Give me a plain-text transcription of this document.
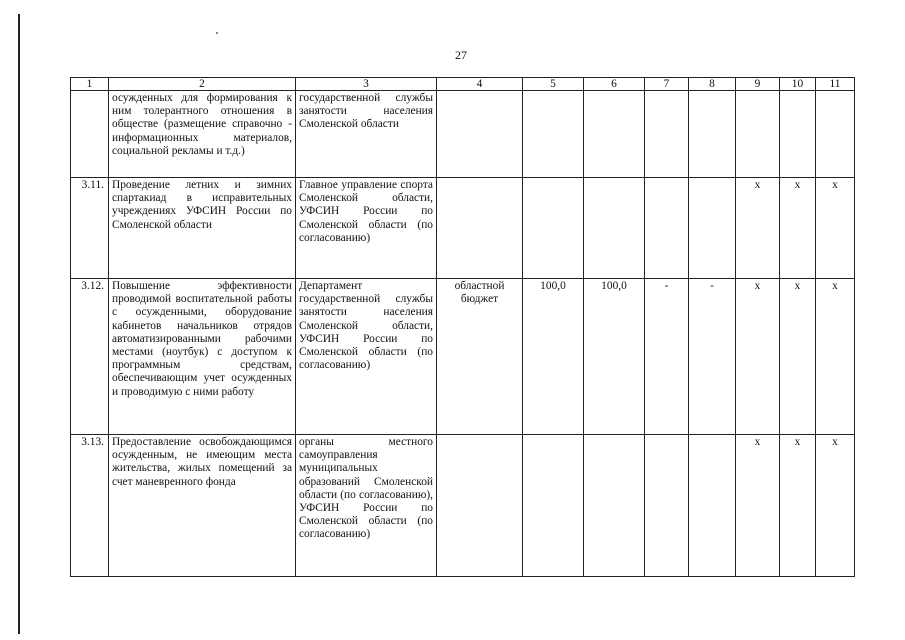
27
1	2	3	4	5	6	7	8	9	10	11
	осужденных для формирования к ним толерантного отношения в обществе (размещение справочно - информационных материалов, социальной рекламы и т.д.)	государственной службы занятости населения Смоленской области								
3.11.	Проведение летних и зимних спартакиад в исправительных учреждениях УФСИН России по Смоленской области	Главное управление спорта Смоленской области, УФСИН России по Смоленской области (по согласованию)						х	х	х
3.12.	Повышение эффективности проводимой воспитательной работы с осужденными, оборудование кабинетов начальников отрядов автоматизированными рабочими местами (ноутбук) с доступом к программным средствам, обеспечивающим учет осужденных и проводимую с ними работу	Департамент государственной службы занятости населения Смоленской области, УФСИН России по Смоленской области (по согласованию)	областной бюджет	100,0	100,0	-	-	х	х	х
3.13.	Предоставление освобождающимся осужденным, не имеющим места жительства, жилых помещений за счет маневренного фонда	органы местного самоуправления муниципальных образований Смоленской области (по согласованию), УФСИН России по Смоленской области (по согласованию)						х	х	х
